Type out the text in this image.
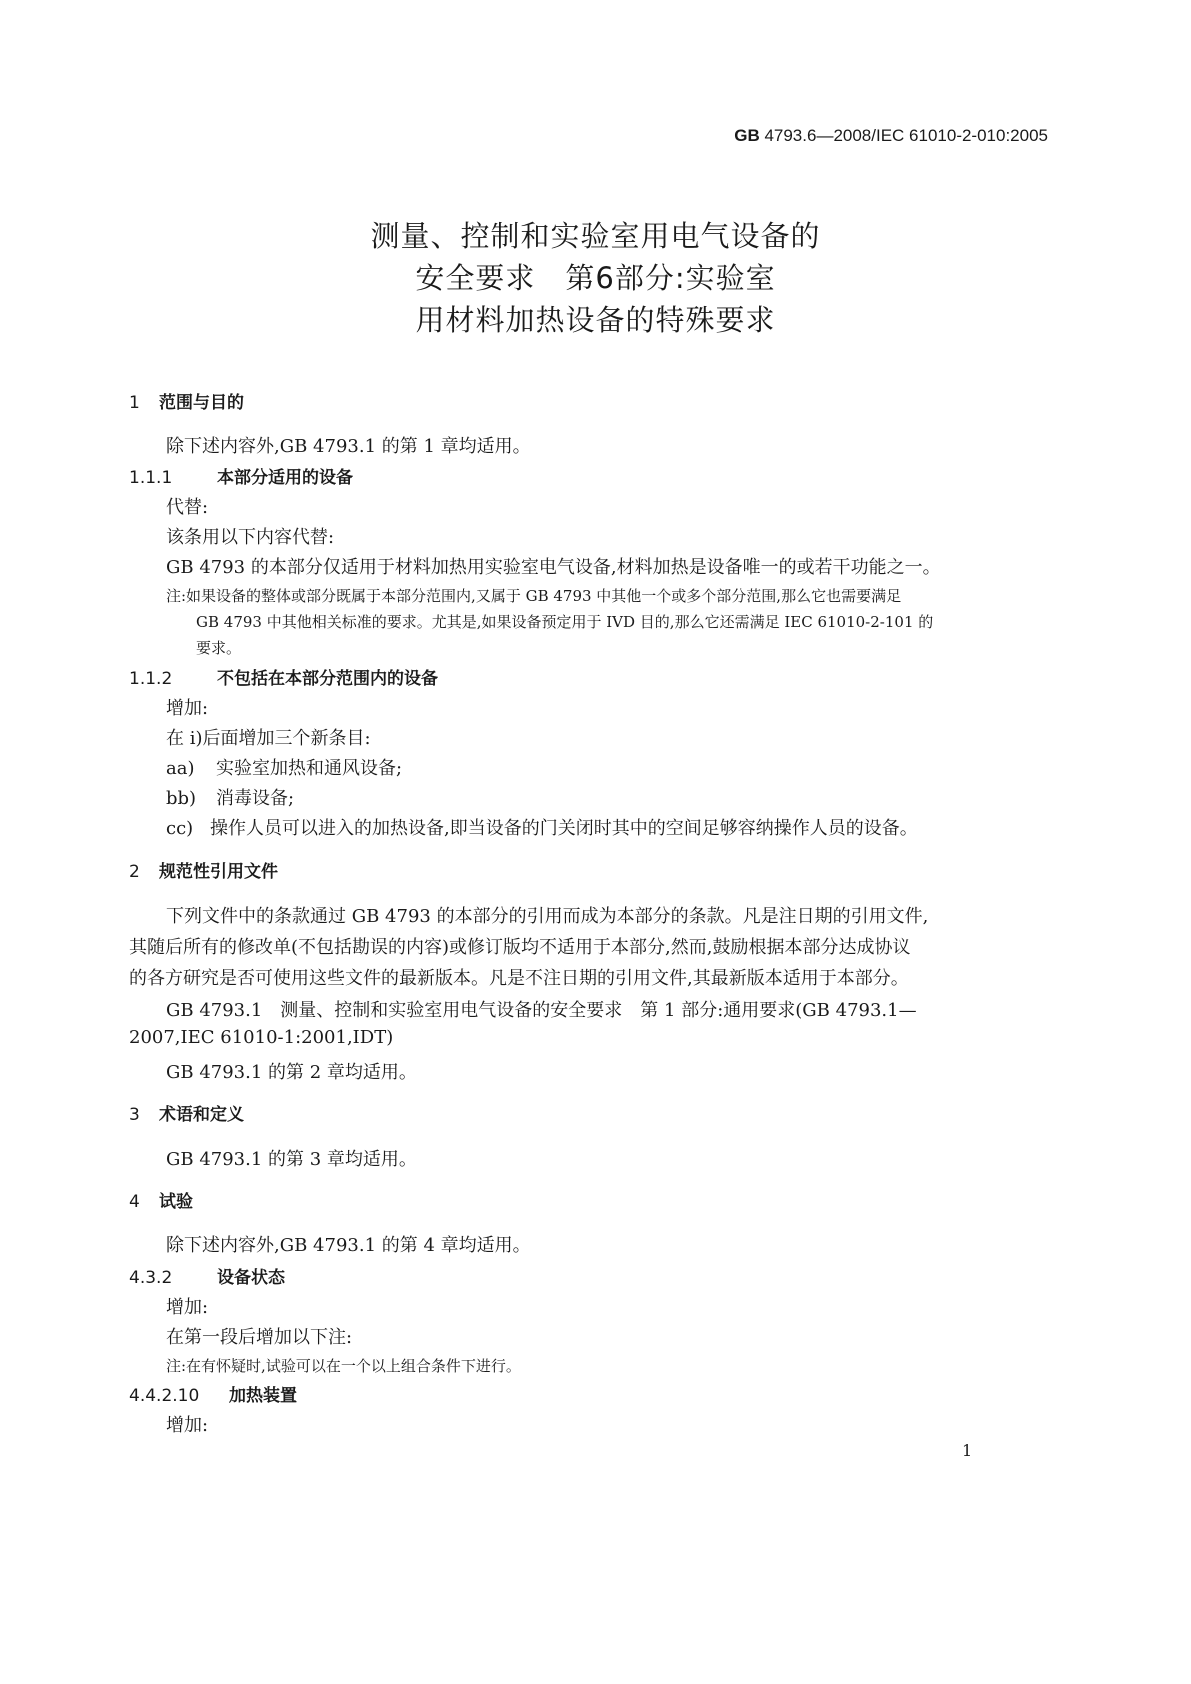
GB 4793.6—2008/IEC 61010-2-010:2005
测量、控制和实验室用电气设备的
安全要求　第6部分:实验室
用材料加热设备的特殊要求
1 范围与目的
除下述内容外,GB 4793.1 的第 1 章均适用。
1.1.1	本部分适用的设备
代替:
该条用以下内容代替:
GB 4793 的本部分仅适用于材料加热用实验室电气设备,材料加热是设备唯一的或若干功能之一。
注:如果设备的整体或部分既属于本部分范围内,又属于 GB 4793 中其他一个或多个部分范围,那么它也需要满足
GB 4793 中其他相关标准的要求。尤其是,如果设备预定用于 IVD 目的,那么它还需满足 IEC 61010-2-101 的
要求。
1.1.2	不包括在本部分范围内的设备
增加:
在 i)后面增加三个新条目:
aa) 实验室加热和通风设备;
bb) 消毒设备;
cc) 操作人员可以进入的加热设备,即当设备的门关闭时其中的空间足够容纳操作人员的设备。
2 规范性引用文件
下列文件中的条款通过 GB 4793 的本部分的引用而成为本部分的条款。凡是注日期的引用文件,
其随后所有的修改单(不包括勘误的内容)或修订版均不适用于本部分,然而,鼓励根据本部分达成协议
的各方研究是否可使用这些文件的最新版本。凡是不注日期的引用文件,其最新版本适用于本部分。
GB 4793.1　测量、控制和实验室用电气设备的安全要求　第 1 部分:通用要求(GB 4793.1—
2007,IEC 61010-1:2001,IDT)
GB 4793.1 的第 2 章均适用。
3 术语和定义
GB 4793.1 的第 3 章均适用。
4 试验
除下述内容外,GB 4793.1 的第 4 章均适用。
4.3.2	设备状态
增加:
在第一段后增加以下注:
注:在有怀疑时,试验可以在一个以上组合条件下进行。
4.4.2.10 加热装置
增加:
1
